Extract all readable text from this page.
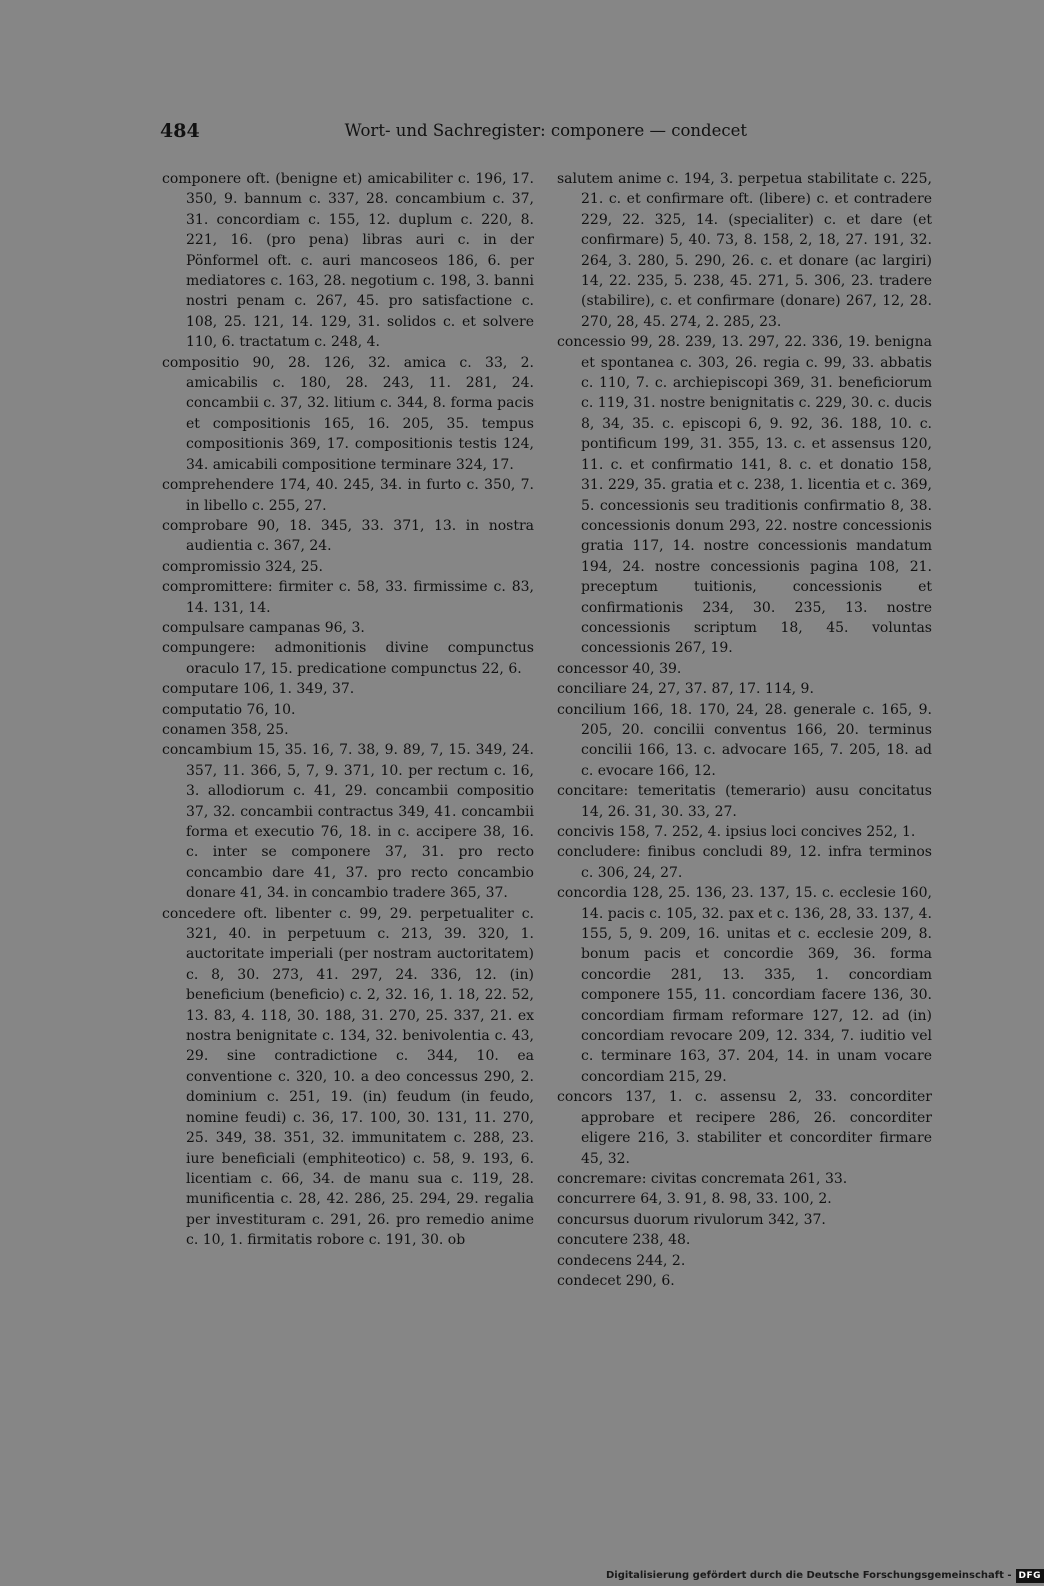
484	Wort- und Sachregister: componere — condecet

componere oft. (benigne et) amicabiliter c. 196, 17. 350, 9. bannum c. 337, 28. concambium c. 37, 31. concordiam c. 155, 12. duplum c. 220, 8. 221, 16. (pro pena) libras auri c. in der Pönformel oft. c. auri mancoseos 186, 6. per mediatores c. 163, 28. negotium c. 198, 3. banni nostri penam c. 267, 45. pro satisfactione c. 108, 25. 121, 14. 129, 31. solidos c. et solvere 110, 6. tractatum c. 248, 4.

compositio 90, 28. 126, 32. amica c. 33, 2. amicabilis c. 180, 28. 243, 11. 281, 24. concambii c. 37, 32. litium c. 344, 8. forma pacis et compositionis 165, 16. 205, 35. tempus compositionis 369, 17. compositionis testis 124, 34. amicabili compositione terminare 324, 17.

comprehendere 174, 40. 245, 34. in furto c. 350, 7. in libello c. 255, 27.

comprobare 90, 18. 345, 33. 371, 13. in nostra audientia c. 367, 24.

compromissio 324, 25.

compromittere: firmiter c. 58, 33. firmissime c. 83, 14. 131, 14.

compulsare campanas 96, 3.

compungere: admonitionis divine compunctus oraculo 17, 15. predicatione compunctus 22, 6.

computare 106, 1. 349, 37.

computatio 76, 10.

conamen 358, 25.

concambium 15, 35. 16, 7. 38, 9. 89, 7, 15. 349, 24. 357, 11. 366, 5, 7, 9. 371, 10. per rectum c. 16, 3. allodiorum c. 41, 29. concambii compositio 37, 32. concambii contractus 349, 41. concambii forma et executio 76, 18. in c. accipere 38, 16. c. inter se componere 37, 31. pro recto concambio dare 41, 37. pro recto concambio donare 41, 34. in concambio tradere 365, 37.

concedere oft. libenter c. 99, 29. perpetualiter c. 321, 40. in perpetuum c. 213, 39. 320, 1. auctoritate imperiali (per nostram auctoritatem) c. 8, 30. 273, 41. 297, 24. 336, 12. (in) beneficium (beneficio) c. 2, 32. 16, 1. 18, 22. 52, 13. 83, 4. 118, 30. 188, 31. 270, 25. 337, 21. ex nostra benignitate c. 134, 32. benivolentia c. 43, 29. sine contradictione c. 344, 10. ea conventione c. 320, 10. a deo concessus 290, 2. dominium c. 251, 19. (in) feudum (in feudo, nomine feudi) c. 36, 17. 100, 30. 131, 11. 270, 25. 349, 38. 351, 32. immunitatem c. 288, 23. iure beneficiali (emphiteotico) c. 58, 9. 193, 6. licentiam c. 66, 34. de manu sua c. 119, 28. munificentia c. 28, 42. 286, 25. 294, 29. regalia per investituram c. 291, 26. pro remedio anime c. 10, 1. firmitatis robore c. 191, 30. ob

salutem anime c. 194, 3. perpetua stabilitate c. 225, 21. c. et confirmare oft. (libere) c. et contradere 229, 22. 325, 14. (specialiter) c. et dare (et confirmare) 5, 40. 73, 8. 158, 2, 18, 27. 191, 32. 264, 3. 280, 5. 290, 26. c. et donare (ac largiri) 14, 22. 235, 5. 238, 45. 271, 5. 306, 23. tradere (stabilire), c. et confirmare (donare) 267, 12, 28. 270, 28, 45. 274, 2. 285, 23.

concessio 99, 28. 239, 13. 297, 22. 336, 19. benigna et spontanea c. 303, 26. regia c. 99, 33. abbatis c. 110, 7. c. archiepiscopi 369, 31. beneficiorum c. 119, 31. nostre benignitatis c. 229, 30. c. ducis 8, 34, 35. c. episcopi 6, 9. 92, 36. 188, 10. c. pontificum 199, 31. 355, 13. c. et assensus 120, 11. c. et confirmatio 141, 8. c. et donatio 158, 31. 229, 35. gratia et c. 238, 1. licentia et c. 369, 5. concessionis seu traditionis confirmatio 8, 38. concessionis donum 293, 22. nostre concessionis gratia 117, 14. nostre concessionis mandatum 194, 24. nostre concessionis pagina 108, 21. preceptum tuitionis, concessionis et confirmationis 234, 30. 235, 13. nostre concessionis scriptum 18, 45. voluntas concessionis 267, 19.

concessor 40, 39.

conciliare 24, 27, 37. 87, 17. 114, 9.

concilium 166, 18. 170, 24, 28. generale c. 165, 9. 205, 20. concilii conventus 166, 20. terminus concilii 166, 13. c. advocare 165, 7. 205, 18. ad c. evocare 166, 12.

concitare: temeritatis (temerario) ausu concitatus 14, 26. 31, 30. 33, 27.

concivis 158, 7. 252, 4. ipsius loci concives 252, 1.

concludere: finibus concludi 89, 12. infra terminos c. 306, 24, 27.

concordia 128, 25. 136, 23. 137, 15. c. ecclesie 160, 14. pacis c. 105, 32. pax et c. 136, 28, 33. 137, 4. 155, 5, 9. 209, 16. unitas et c. ecclesie 209, 8. bonum pacis et concordie 369, 36. forma concordie 281, 13. 335, 1. concordiam componere 155, 11. concordiam facere 136, 30. concordiam firmam reformare 127, 12. ad (in) concordiam revocare 209, 12. 334, 7. iuditio vel c. terminare 163, 37. 204, 14. in unam vocare concordiam 215, 29.

concors 137, 1. c. assensu 2, 33. concorditer approbare et recipere 286, 26. concorditer eligere 216, 3. stabiliter et concorditer firmare 45, 32.

concremare: civitas concremata 261, 33.

concurrere 64, 3. 91, 8. 98, 33. 100, 2.

concursus duorum rivulorum 342, 37.

concutere 238, 48.

condecens 244, 2.

condecet 290, 6.

Digitalisierung gefördert durch die Deutsche Forschungsgemeinschaft - DFG
